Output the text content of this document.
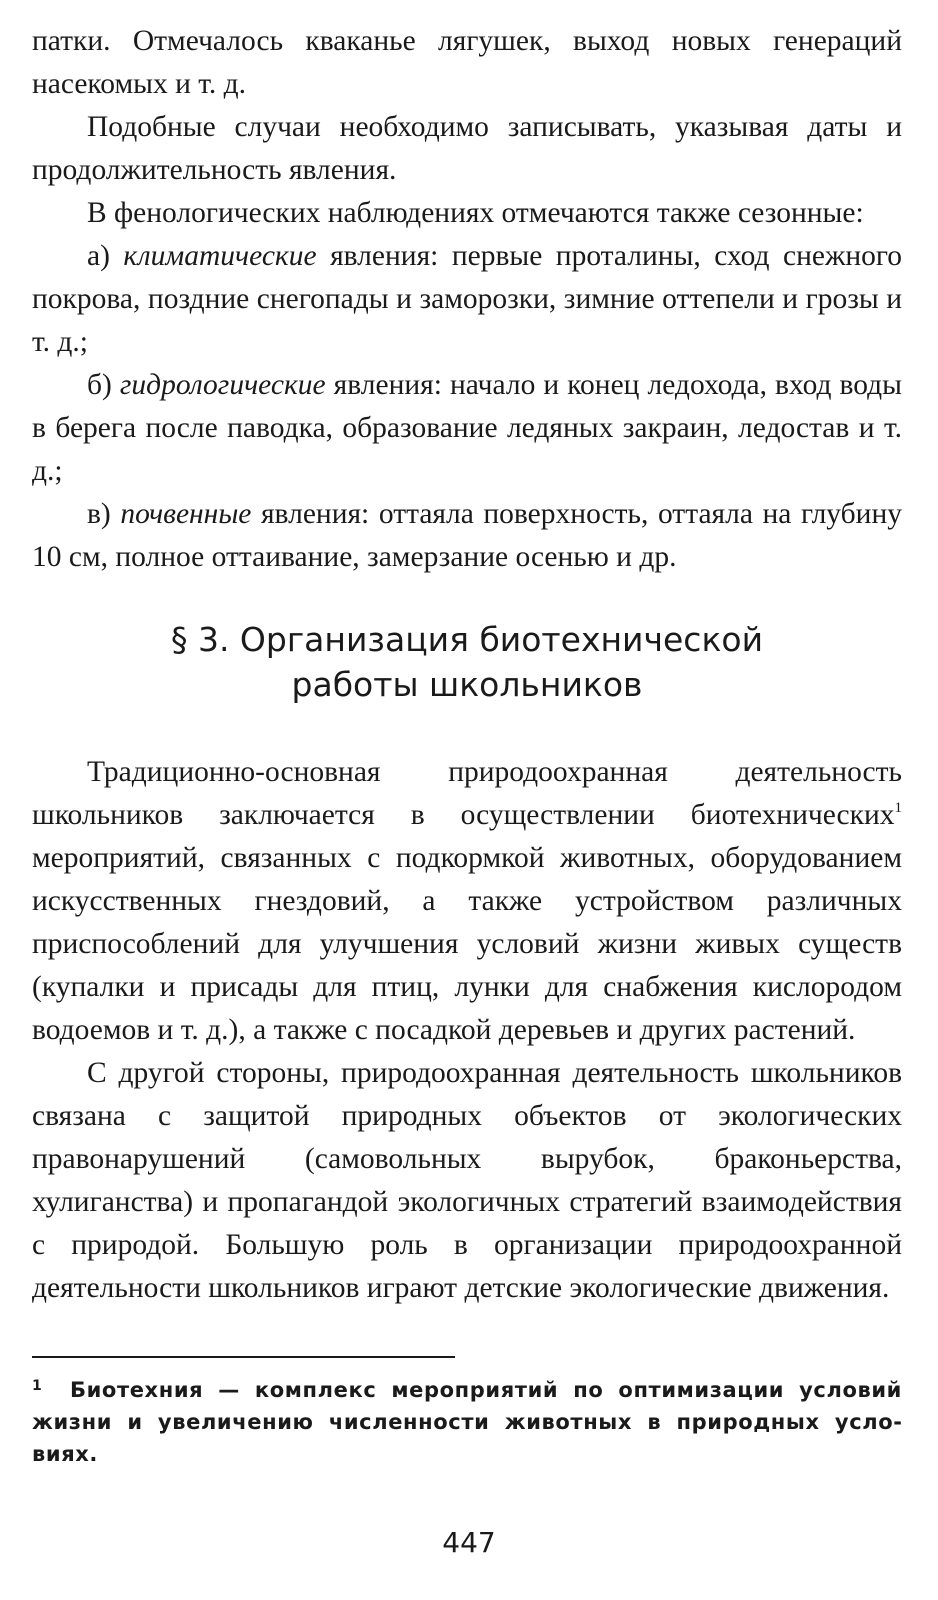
патки. Отмечалось кваканье лягушек, выход новых генераций насекомых и т. д.

Подобные случаи необходимо записывать, указывая даты и продолжительность явления.

В фенологических наблюдениях отмечаются также сезонные:

а) климатические явления: первые проталины, сход снежного покрова, поздние снегопады и заморозки, зимние оттепели и грозы и т. д.;

б) гидрологические явления: начало и конец ледохода, вход воды в берега после паводка, образование ледяных закраин, ледостав и т. д.;

в) почвенные явления: оттаяла поверхность, оттаяла на глубину 10 см, полное оттаивание, замерзание осенью и др.

§ 3. Организация биотехнической
работы школьников

Традиционно-основная природоохранная деятельность школьников заключается в осуществлении биотехнических$^1$ мероприятий, связанных с подкормкой животных, оборудованием искусственных гнездовий, а также устройством различных приспособлений для улучшения условий жизни живых существ (купалки и присады для птиц, лунки для снабжения кислородом водоемов и т. д.), а также с посадкой деревьев и других растений.

С другой стороны, природоохранная деятельность школьников связана с защитой природных объектов от экологических правонарушений (самовольных вырубок, браконьерства, хулиганства) и пропагандой экологичных стратегий взаимодействия с природой. Большую роль в организации природоохранной деятельности школьников играют детские экологические движения.

1	Биотехния — комплекс мероприятий по оптимизации условий жизни и увеличению численности животных в природных условиях.
447
